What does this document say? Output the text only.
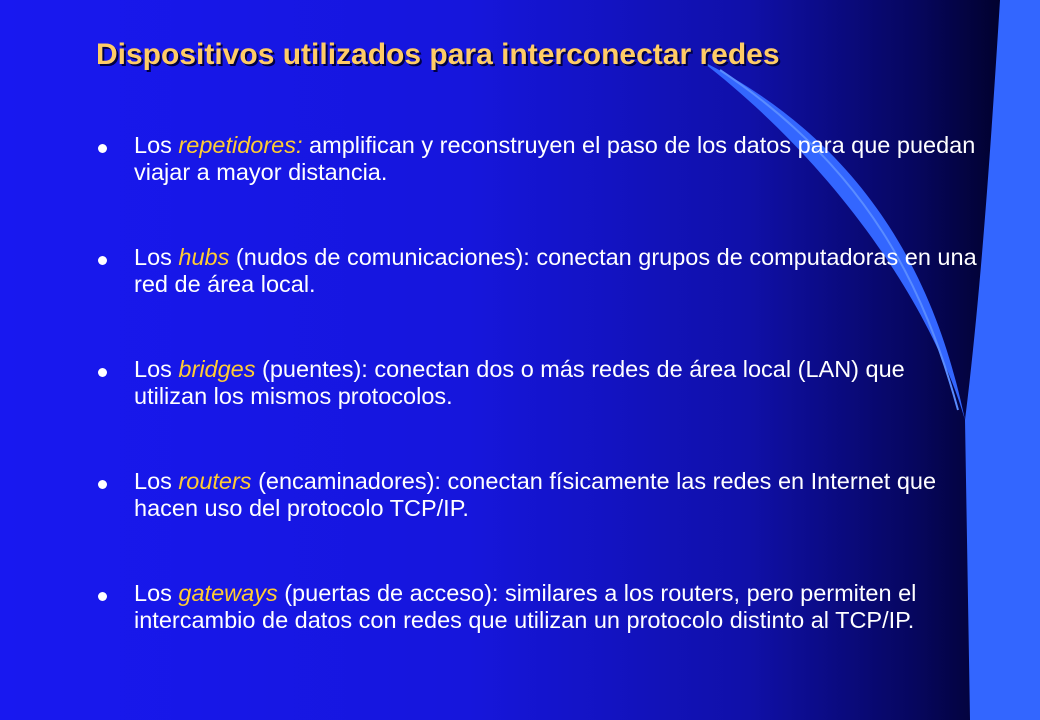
Dispositivos utilizados para interconectar redes

Los repetidores: amplifican y reconstruyen el paso de los datos para que puedan viajar a mayor distancia.

Los hubs (nudos de comunicaciones): conectan grupos de computadoras en una red de área local.

Los bridges (puentes): conectan dos o más redes de área local (LAN) que utilizan los mismos protocolos.

Los routers (encaminadores): conectan físicamente las redes en Internet que hacen uso del protocolo TCP/IP.

Los gateways (puertas de acceso): similares a los routers, pero permiten el intercambio de datos con redes que utilizan un protocolo distinto al TCP/IP.
